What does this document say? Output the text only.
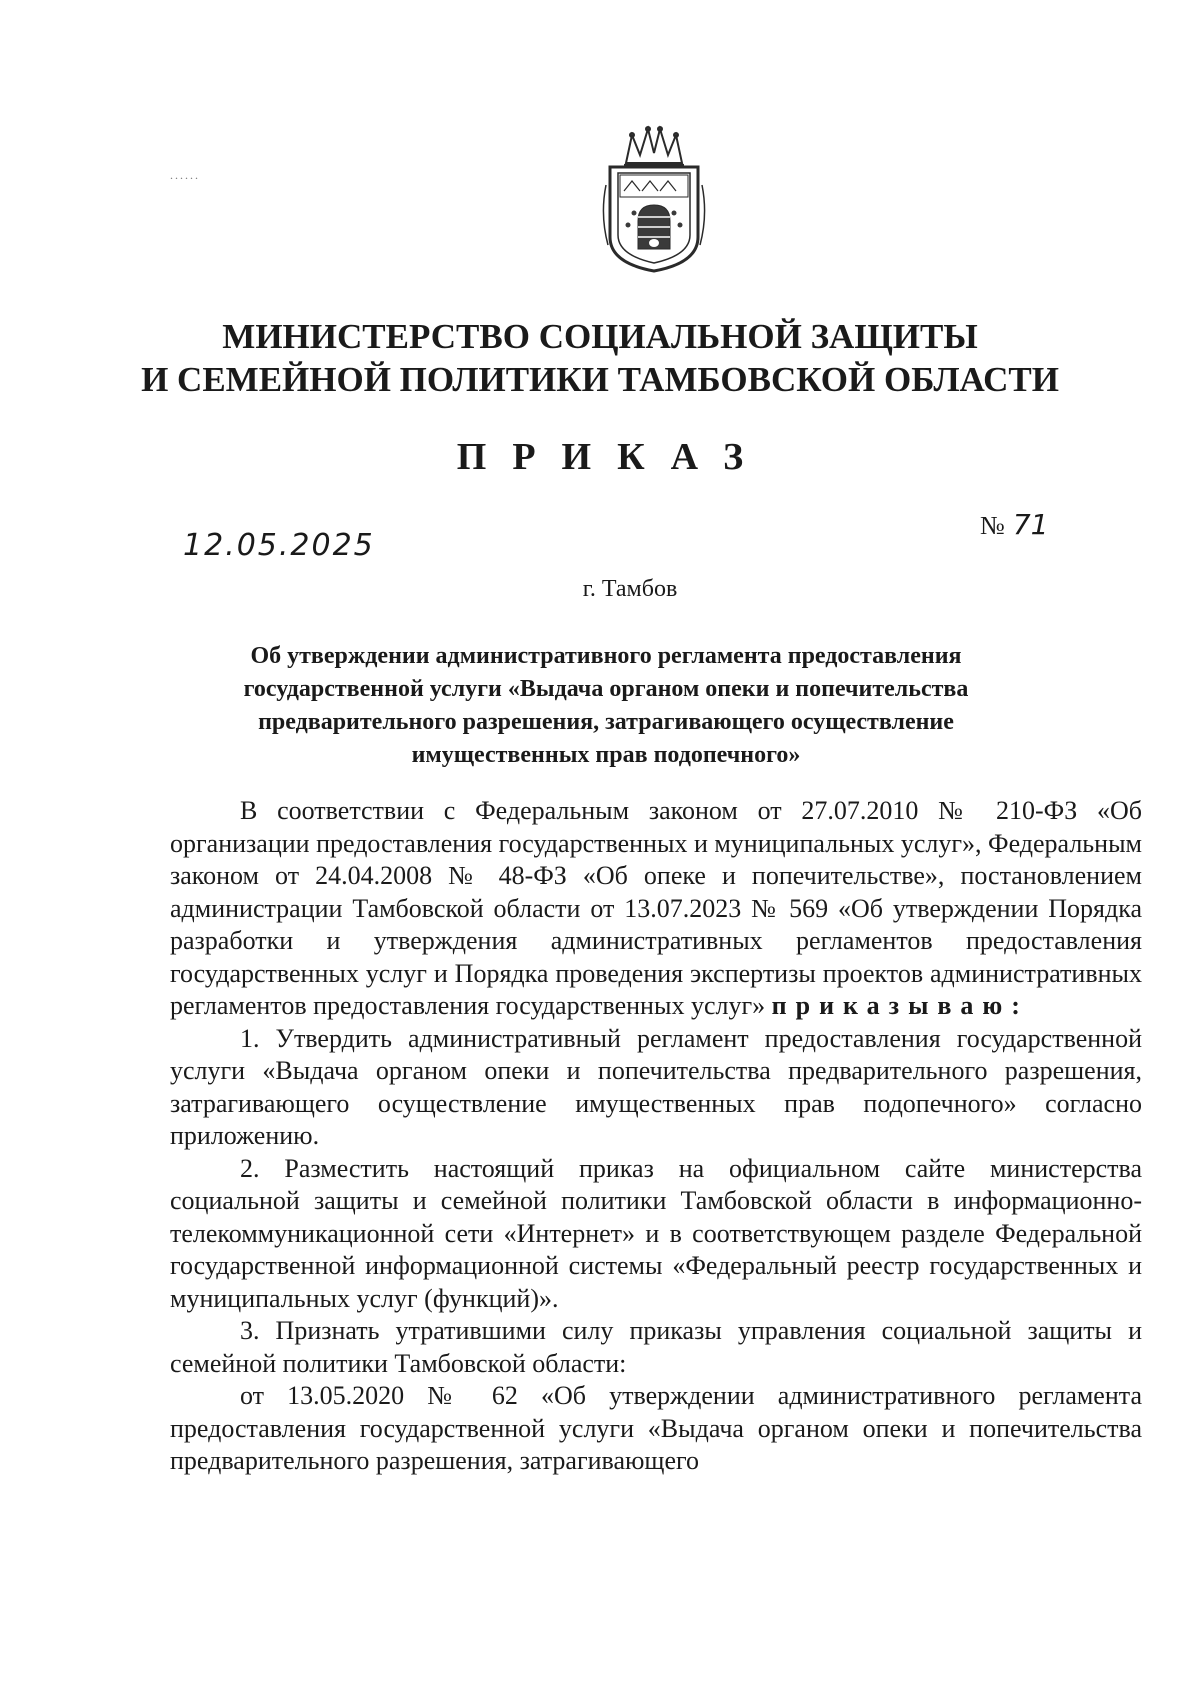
......
МИНИСТЕРСТВО СОЦИАЛЬНОЙ ЗАЩИТЫ
И СЕМЕЙНОЙ ПОЛИТИКИ ТАМБОВСКОЙ ОБЛАСТИ
ПРИКАЗ
12.05.2025
№ 71
г. Тамбов
Об утверждении административного регламента предоставления
государственной услуги «Выдача органом опеки и попечительства
предварительного разрешения, затрагивающего осуществление
имущественных прав подопечного»

В соответствии с Федеральным законом от 27.07.2010 № 210-ФЗ «Об организации предоставления государственных и муниципальных услуг», Федеральным законом от 24.04.2008 № 48-ФЗ «Об опеке и попечительстве», постановлением администрации Тамбовской области от 13.07.2023 № 569 «Об утверждении Порядка разработки и утверждения административных регламентов предоставления государственных услуг и Порядка проведения экспертизы проектов административных регламентов предоставления государственных услуг» приказываю:

1. Утвердить административный регламент предоставления государственной услуги «Выдача органом опеки и попечительства предварительного разрешения, затрагивающего осуществление имущественных прав подопечного» согласно приложению.

2. Разместить настоящий приказ на официальном сайте министерства социальной защиты и семейной политики Тамбовской области в информационно-телекоммуникационной сети «Интернет» и в соответствующем разделе Федеральной государственной информационной системы «Федеральный реестр государственных и муниципальных услуг (функций)».

3. Признать утратившими силу приказы управления социальной защиты и семейной политики Тамбовской области:

от 13.05.2020 № 62 «Об утверждении административного регламента предоставления государственной услуги «Выдача органом опеки и попечительства предварительного разрешения, затрагивающего
